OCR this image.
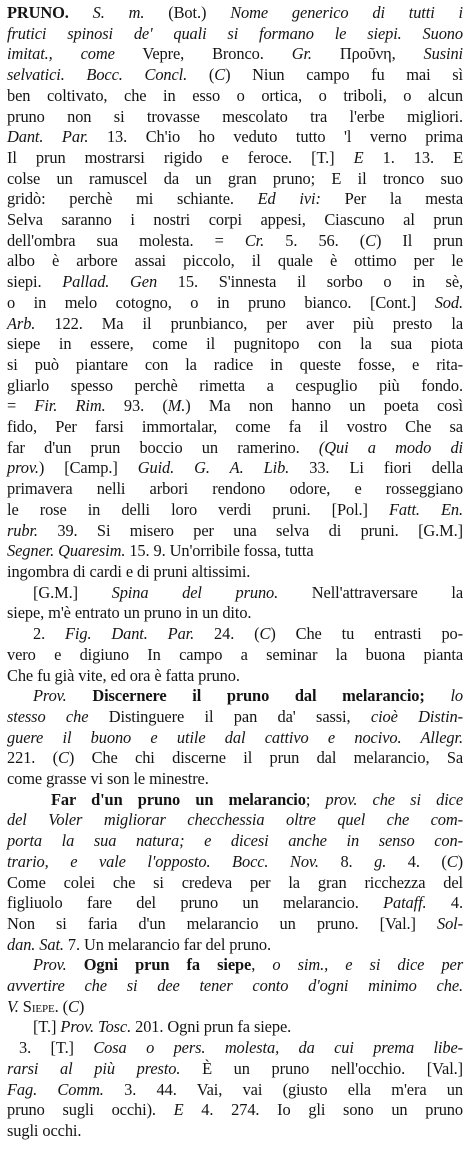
PRUNO. S. m. (Bot.) Nome generico di tutti i
frutici spinosi de' quali si formano le siepi. Suono
imitat., come Vepre, Bronco. Gr. Προῦνη, Susini
selvatici. Bocc. Concl. (C) Niun campo fu mai sì
ben coltivato, che in esso o ortica, o triboli, o alcun
pruno non si trovasse mescolato tra l'erbe migliori.
Dant. Par. 13. Ch'io ho veduto tutto 'l verno prima
Il prun mostrarsi rigido e feroce. [T.] E 1. 13. E
colse un ramuscel da un gran pruno; E il tronco suo
gridò: perchè mi schiante. Ed ivi: Per la mesta
Selva saranno i nostri corpi appesi, Ciascuno al prun
dell'ombra sua molesta. = Cr. 5. 56. (C) Il prun
albo è arbore assai piccolo, il quale è ottimo per le
siepi. Pallad. Gen 15. S'innesta il sorbo o in sè,
o in melo cotogno, o in pruno bianco. [Cont.] Sod.
Arb. 122. Ma il prunbianco, per aver più presto la
siepe in essere, come il pugnitopo con la sua piota
si può piantare con la radice in queste fosse, e rita-
gliarlo spesso perchè rimetta a cespuglio più fondo.
= Fir. Rim. 93. (M.) Ma non hanno un poeta così
fido, Per farsi immortalar, come fa il vostro Che sa
far d'un prun boccio un ramerino. (Qui a modo di
prov.) [Camp.] Guid. G. A. Lib. 33. Li fiori della
primavera nelli arbori rendono odore, e rosseggiano
le rose in delli loro verdi pruni. [Pol.] Fatt. En.
rubr. 39. Si misero per una selva di pruni. [G.M.]
Segner. Quaresim. 15. 9. Un'orribile fossa, tutta
ingombra di cardi e di pruni altissimi.
[G.M.] Spina del pruno. Nell'attraversare la
siepe, m'è entrato un pruno in un dito.
2. Fig. Dant. Par. 24. (C) Che tu entrasti po-
vero e digiuno In campo a seminar la buona pianta
Che fu già vite, ed ora è fatta pruno.
Prov. Discernere il pruno dal melarancio; lo
stesso che Distinguere il pan da' sassi, cioè Distin-
guere il buono e utile dal cattivo e nocivo. Allegr.
221. (C) Che chi discerne il prun dal melarancio, Sa
come grasse vi son le minestre.
Far d'un pruno un melarancio; prov. che si dice
del Voler migliorar checchessia oltre quel che com-
porta la sua natura; e dicesi anche in senso con-
trario, e vale l'opposto. Bocc. Nov. 8. g. 4. (C)
Come colei che si credeva per la gran ricchezza del
figliuolo fare del pruno un melarancio. Pataff. 4.
Non si faria d'un melarancio un pruno. [Val.] Sol-
dan. Sat. 7. Un melarancio far del pruno.
Prov. Ogni prun fa siepe, o sim., e si dice per
avvertire che si dee tener conto d'ogni minimo che.
V. Siepe. (C)
[T.] Prov. Tosc. 201. Ogni prun fa siepe.
3. [T.] Cosa o pers. molesta, da cui prema libe-
rarsi al più presto. È un pruno nell'occhio. [Val.]
Fag. Comm. 3. 44. Vai, vai (giusto ella m'era un
pruno sugli occhi). E 4. 274. Io gli sono un pruno
sugli occhi.
